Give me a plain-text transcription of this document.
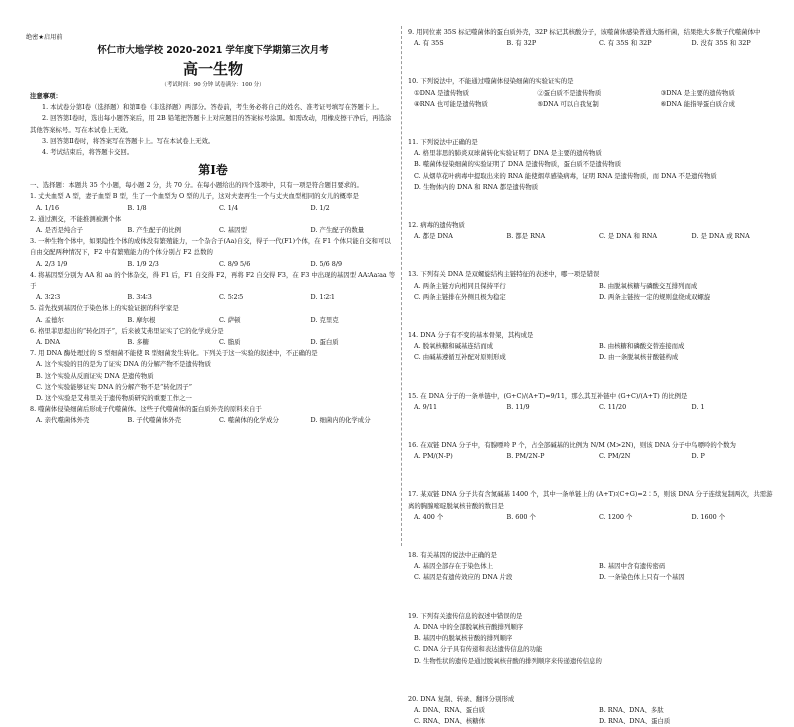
绝密★启用前
怀仁市大地学校 2020-2021 学年度下学期第三次月考
高一生物
（考试时间：90 分钟 试卷满分：100 分）
注意事项：
1. 本试卷分第Ⅰ卷（选择题）和第Ⅱ卷（非选择题）两部分。答卷前，考生务必将自己的姓名、准考证号填写在答题卡上。
2. 回答第Ⅰ卷时，选出每小题答案后，用 2B 铅笔把答题卡上对应题目的答案标号涂黑。如需改动，用橡皮擦干净后，再选涂其他答案标号。写在本试卷上无效。
3. 回答第Ⅱ卷时，将答案写在答题卡上。写在本试卷上无效。
4. 考试结束后，将答题卡交回。
第Ⅰ卷
一、选择题：本题共 35 个小题，每小题 2 分，共 70 分。在每小题给出的四个选项中，只有一项是符合题目要求的。
1. 丈夫血型 A 型，妻子血型 B 型，生了一个血型为 O 型的儿子，这对夫妻再生一个与丈夫血型相同的女儿的概率是
A. 1/16	B. 1/8	C. 1/4	D. 1/2
2. 通过测交，不能推测被测个体
A. 是否是纯合子	B. 产生配子的比例	C. 基因型	D. 产生配子的数量
3. 一种生物个体中，如果隐性个体的成体没有繁殖能力，一个杂合子(Aa)自交，得子一代(F1)个体，在 F1 个体只能自交和可以自由交配两种情况下，F2 中有繁殖能力的个体分别占 F2 总数的
A. 2/3 1/9	B. 1/9 2/3	C. 8/9 5/6	D. 5/6 8/9
4. 将基因型分别为 AA 和 aa 的个体杂交，得 F1 后，F1 自交得 F2，再将 F2 自交得 F3，在 F3 中出现的基因型 AA∶Aa∶aa 等于
A. 3∶2∶3	B. 3∶4∶3	C. 5∶2∶5	D. 1∶2∶1
5. 首先找到基因位于染色体上的实验证据的科学家是
A. 孟德尔	B. 摩尔根	C. 萨顿	D. 克里克
6. 格里菲思提出的“转化因子”，后来被艾弗里证实了它的化学成分是
A. DNA	B. 多糖	C. 脂质	D. 蛋白质
7. 用 DNA 酶处理过的 S 型细菌不能使 R 型细菌发生转化。下列关于这一实验的叙述中，不正确的是
A. 这个实验的目的是为了证实 DNA 的分解产物不是遗传物质
B. 这个实验从反面证实 DNA 是遗传物质
C. 这个实验能够证实 DNA 的分解产物不是“转化因子”
D. 这个实验是艾弗里关于遗传物质研究的重要工作之一
8. 噬菌体侵染细菌后形成子代噬菌体。这些子代噬菌体的蛋白质外壳的原料来自于
A. 亲代噬菌体外壳	B. 子代噬菌体外壳	C. 噬菌体的化学成分	D. 细菌内的化学成分
9. 用同位素 35S 标记噬菌体的蛋白质外壳，32P 标记其核酸分子，该噬菌体感染普通大肠杆菌，结果绝大多数子代噬菌体中
A. 有 35S	B. 有 32P	C. 有 35S 和 32P	D. 没有 35S 和 32P
10. 下列说法中，不能通过噬菌体侵染细菌的实验证实的是
①DNA 是遗传物质	②蛋白质不是遗传物质	③DNA 是主要的遗传物质
④RNA 也可能是遗传物质	⑤DNA 可以自我复制	⑥DNA 能指导蛋白质合成
11. 下列说法中正确的是
A. 格里菲思的肺炎双球菌转化实验证明了 DNA 是主要的遗传物质
B. 噬菌体侵染细菌的实验证明了 DNA 是遗传物质，蛋白质不是遗传物质
C. 从烟草花叶病毒中提取出来的 RNA 能使烟草感染病毒，证明 RNA 是遗传物质，而 DNA 不是遗传物质
D. 生物体内的 DNA 和 RNA 都是遗传物质
12. 病毒的遗传物质
A. 都是 DNA	B. 都是 RNA	C. 是 DNA 和 RNA	D. 是 DNA 或 RNA
13. 下列有关 DNA 是双螺旋结构主链特征的表述中，哪一项是错误
A. 两条主链方向相同且保持平行	B. 由脱氧核糖与磷酸交互排列而成
C. 两条主链排在外侧且极为稳定	D. 两条主链按一定的规则盘绕成双螺旋
14. DNA 分子有不变的基本骨架，其构成是
A. 脱氧核糖和碱基连结而成	B. 由核糖和磷酸交替连接而成
C. 由碱基遵循互补配对原则形成	D. 由一条脱氧核苷酸链构成
15. 在 DNA 分子的一条单链中，(G+C)/(A+T)=9/11，那么其互补链中 (G+C)/(A+T) 的比例是
A. 9/11	B. 11/9	C. 11/20	D. 1
16. 在双链 DNA 分子中，有腺嘌呤 P 个，占全部碱基的比例为 N/M (M>2N)，则该 DNA 分子中鸟嘌呤的个数为
A. PM/(N-P)	B. PM/2N-P	C. PM/2N	D. P
17. 某双链 DNA 分子共有含氮碱基 1400 个，其中一条单链上的 (A+T)∶(C+G)=2∶5，则该 DNA 分子连续复制两次，共需游离的胸腺嘧啶脱氧核苷酸的数目是
A. 400 个	B. 600 个	C. 1200 个	D. 1600 个
18. 有关基因的说法中正确的是
A. 基因全部存在于染色体上	B. 基因中含有遗传密码
C. 基因是有遗传效应的 DNA 片段	D. 一条染色体上只有一个基因
19. 下列有关遗传信息的叙述中错误的是
A. DNA 中的全部脱氧核苷酸排列顺序
B. 基因中的脱氧核苷酸的排列顺序
C. DNA 分子具有传递和表达遗传信息的功能
D. 生物性状的遗传是通过脱氧核苷酸的排列顺序来传递遗传信息的
20. DNA 复制、转录、翻译分别形成
A. DNA、RNA、蛋白质	B. RNA、DNA、多肽
C. RNA、DNA、核糖体	D. RNA、DNA、蛋白质
